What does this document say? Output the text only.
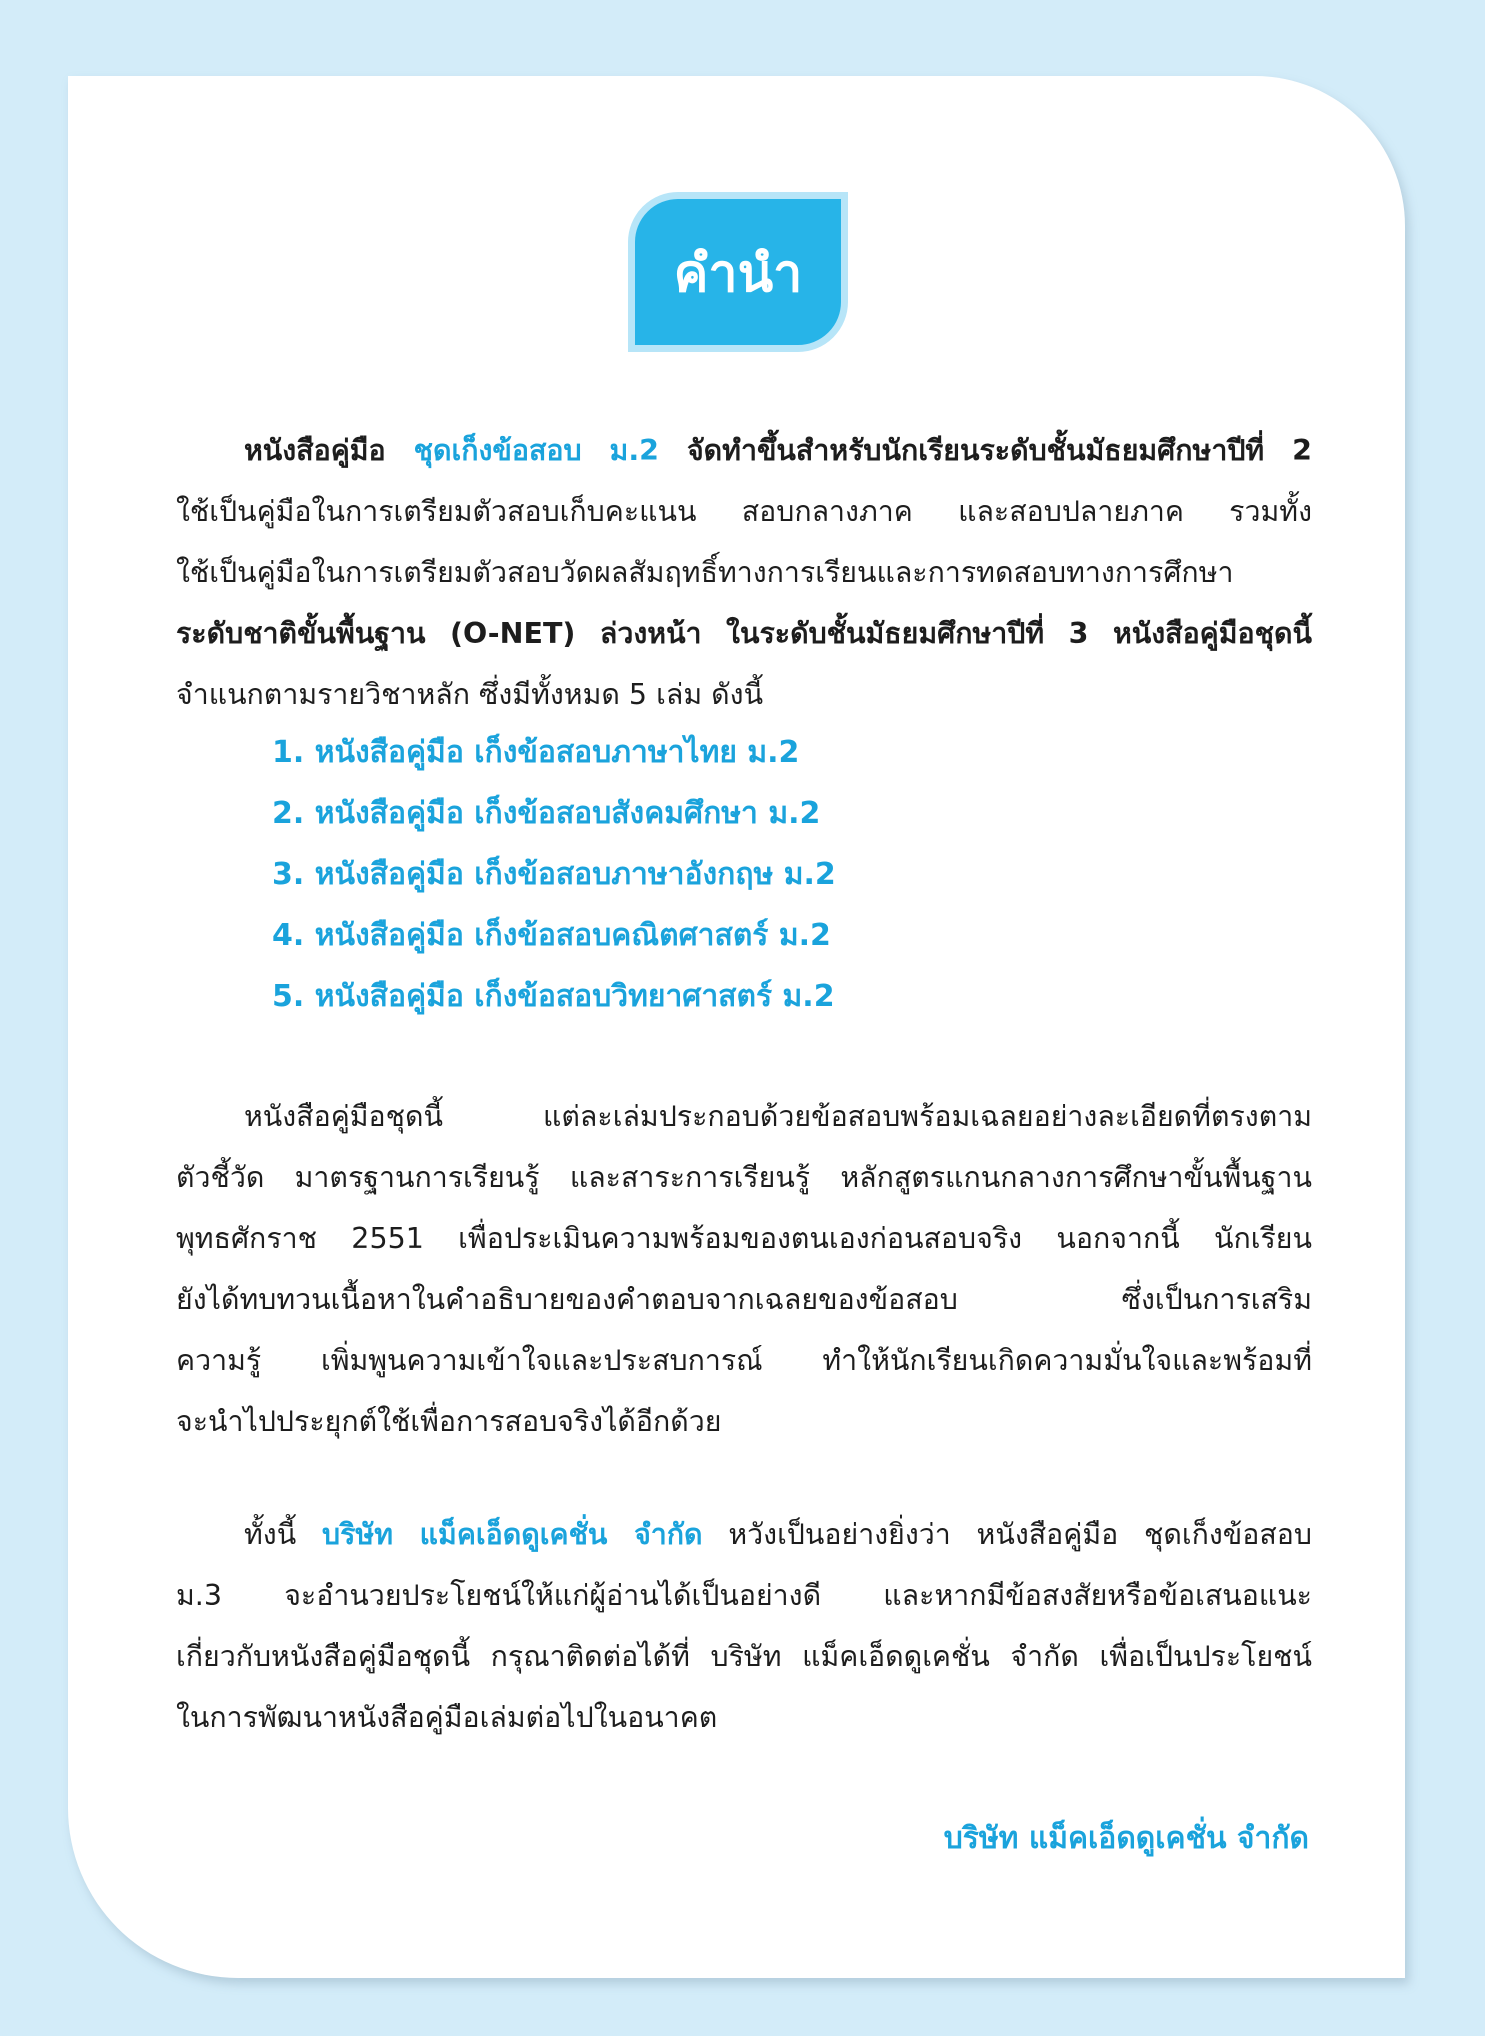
คำนำ
หนังสือคู่มือ ชุดเก็งข้อสอบ ม.2 จัดทำขึ้นสำหรับนักเรียนระดับชั้นมัธยมศึกษาปีที่ 2
ใช้เป็นคู่มือในการเตรียมตัวสอบเก็บคะแนน สอบกลางภาค และสอบปลายภาค รวมทั้ง
ใช้เป็นคู่มือในการเตรียมตัวสอบวัดผลสัมฤทธิ์ทางการเรียนและการทดสอบทางการศึกษา
ระดับชาติขั้นพื้นฐาน (O-NET) ล่วงหน้า ในระดับชั้นมัธยมศึกษาปีที่ 3 หนังสือคู่มือชุดนี้
จำแนกตามรายวิชาหลัก ซึ่งมีทั้งหมด 5 เล่ม ดังนี้
1. หนังสือคู่มือ เก็งข้อสอบภาษาไทย ม.2
2. หนังสือคู่มือ เก็งข้อสอบสังคมศึกษา ม.2
3. หนังสือคู่มือ เก็งข้อสอบภาษาอังกฤษ ม.2
4. หนังสือคู่มือ เก็งข้อสอบคณิตศาสตร์ ม.2
5. หนังสือคู่มือ เก็งข้อสอบวิทยาศาสตร์ ม.2
หนังสือคู่มือชุดนี้ แต่ละเล่มประกอบด้วยข้อสอบพร้อมเฉลยอย่างละเอียดที่ตรงตาม
ตัวชี้วัด มาตรฐานการเรียนรู้ และสาระการเรียนรู้ หลักสูตรแกนกลางการศึกษาขั้นพื้นฐาน
พุทธศักราช 2551 เพื่อประเมินความพร้อมของตนเองก่อนสอบจริง นอกจากนี้ นักเรียน
ยังได้ทบทวนเนื้อหาในคำอธิบายของคำตอบจากเฉลยของข้อสอบ ซึ่งเป็นการเสริม
ความรู้ เพิ่มพูนความเข้าใจและประสบการณ์ ทำให้นักเรียนเกิดความมั่นใจและพร้อมที่
จะนำไปประยุกต์ใช้เพื่อการสอบจริงได้อีกด้วย
ทั้งนี้ บริษัท แม็คเอ็ดดูเคชั่น จำกัด หวังเป็นอย่างยิ่งว่า หนังสือคู่มือ ชุดเก็งข้อสอบ
ม.3 จะอำนวยประโยชน์ให้แก่ผู้อ่านได้เป็นอย่างดี และหากมีข้อสงสัยหรือข้อเสนอแนะ
เกี่ยวกับหนังสือคู่มือชุดนี้ กรุณาติดต่อได้ที่ บริษัท แม็คเอ็ดดูเคชั่น จำกัด เพื่อเป็นประโยชน์
ในการพัฒนาหนังสือคู่มือเล่มต่อไปในอนาคต
บริษัท แม็คเอ็ดดูเคชั่น จำกัด
